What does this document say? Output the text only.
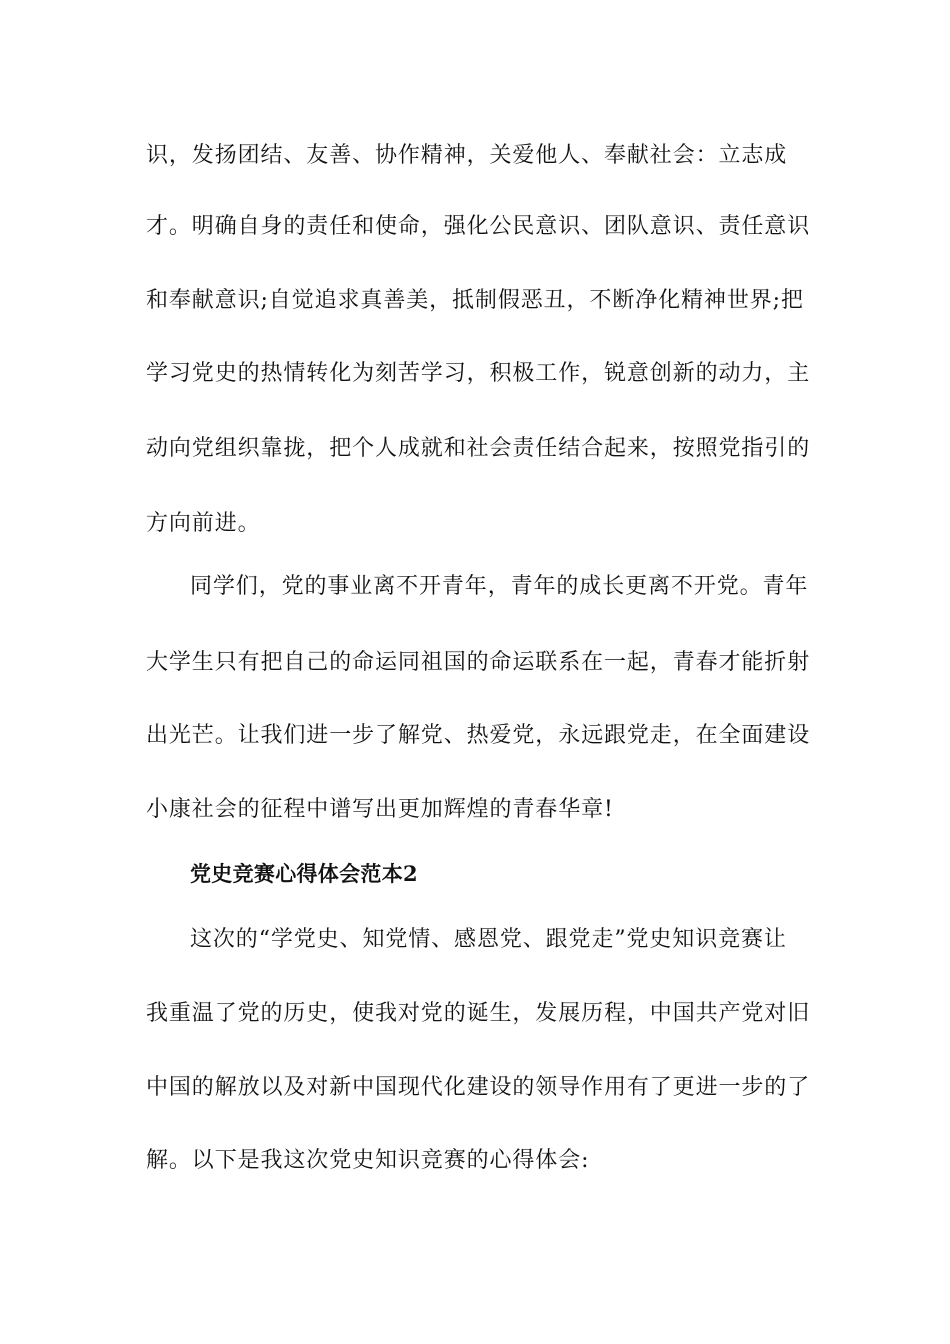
识，发扬团结、友善、协作精神，关爱他人、奉献社会：立志成
才。明确自身的责任和使命，强化公民意识、团队意识、责任意识
和奉献意识;自觉追求真善美，抵制假恶丑，不断净化精神世界;把
学习党史的热情转化为刻苦学习，积极工作，锐意创新的动力，主
动向党组织靠拢，把个人成就和社会责任结合起来，按照党指引的
方向前进。
同学们，党的事业离不开青年，青年的成长更离不开党。青年
大学生只有把自己的命运同祖国的命运联系在一起，青春才能折射
出光芒。让我们进一步了解党、热爱党，永远跟党走，在全面建设
小康社会的征程中谱写出更加辉煌的青春华章!
党史竞赛心得体会范本2
这次的“学党史、知党情、感恩党、跟党走”党史知识竞赛让
我重温了党的历史，使我对党的诞生，发展历程，中国共产党对旧
中国的解放以及对新中国现代化建设的领导作用有了更进一步的了
解。以下是我这次党史知识竞赛的心得体会:
